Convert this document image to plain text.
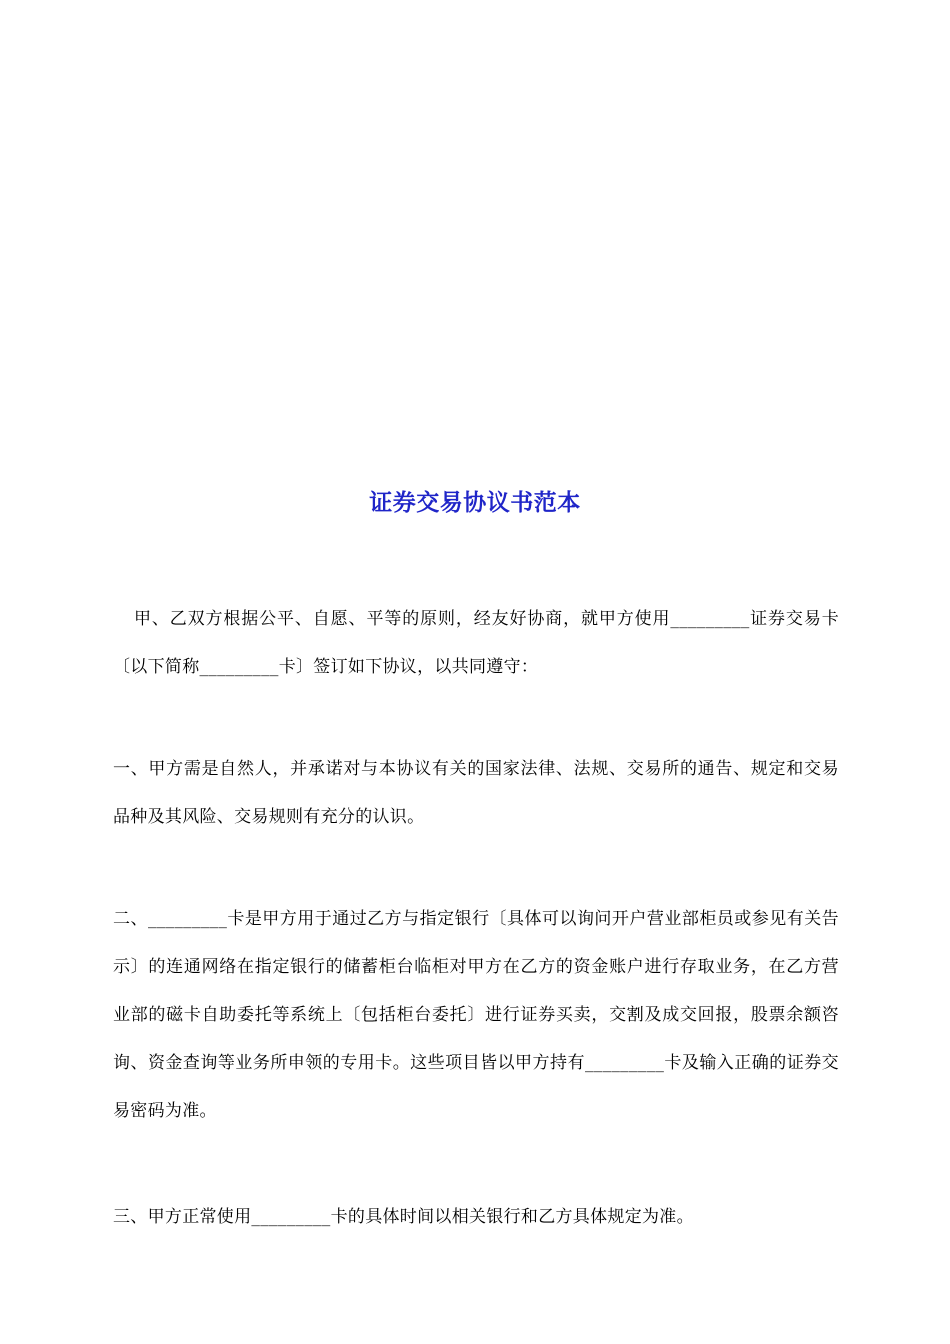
证券交易协议书范本
甲、乙双方根据公平、自愿、平等的原则，经友好协商，就甲方使用_________证券交易卡〔以下简称_________卡〕签订如下协议，以共同遵守：
一、甲方需是自然人，并承诺对与本协议有关的国家法律、法规、交易所的通告、规定和交易品种及其风险、交易规则有充分的认识。
二、_________卡是甲方用于通过乙方与指定银行〔具体可以询问开户营业部柜员或参见有关告示〕的连通网络在指定银行的储蓄柜台临柜对甲方在乙方的资金账户进行存取业务，在乙方营业部的磁卡自助委托等系统上〔包括柜台委托〕进行证券买卖，交割及成交回报，股票余额咨询、资金查询等业务所申领的专用卡。这些项目皆以甲方持有_________卡及输入正确的证券交易密码为准。
三、甲方正常使用_________卡的具体时间以相关银行和乙方具体规定为准。
